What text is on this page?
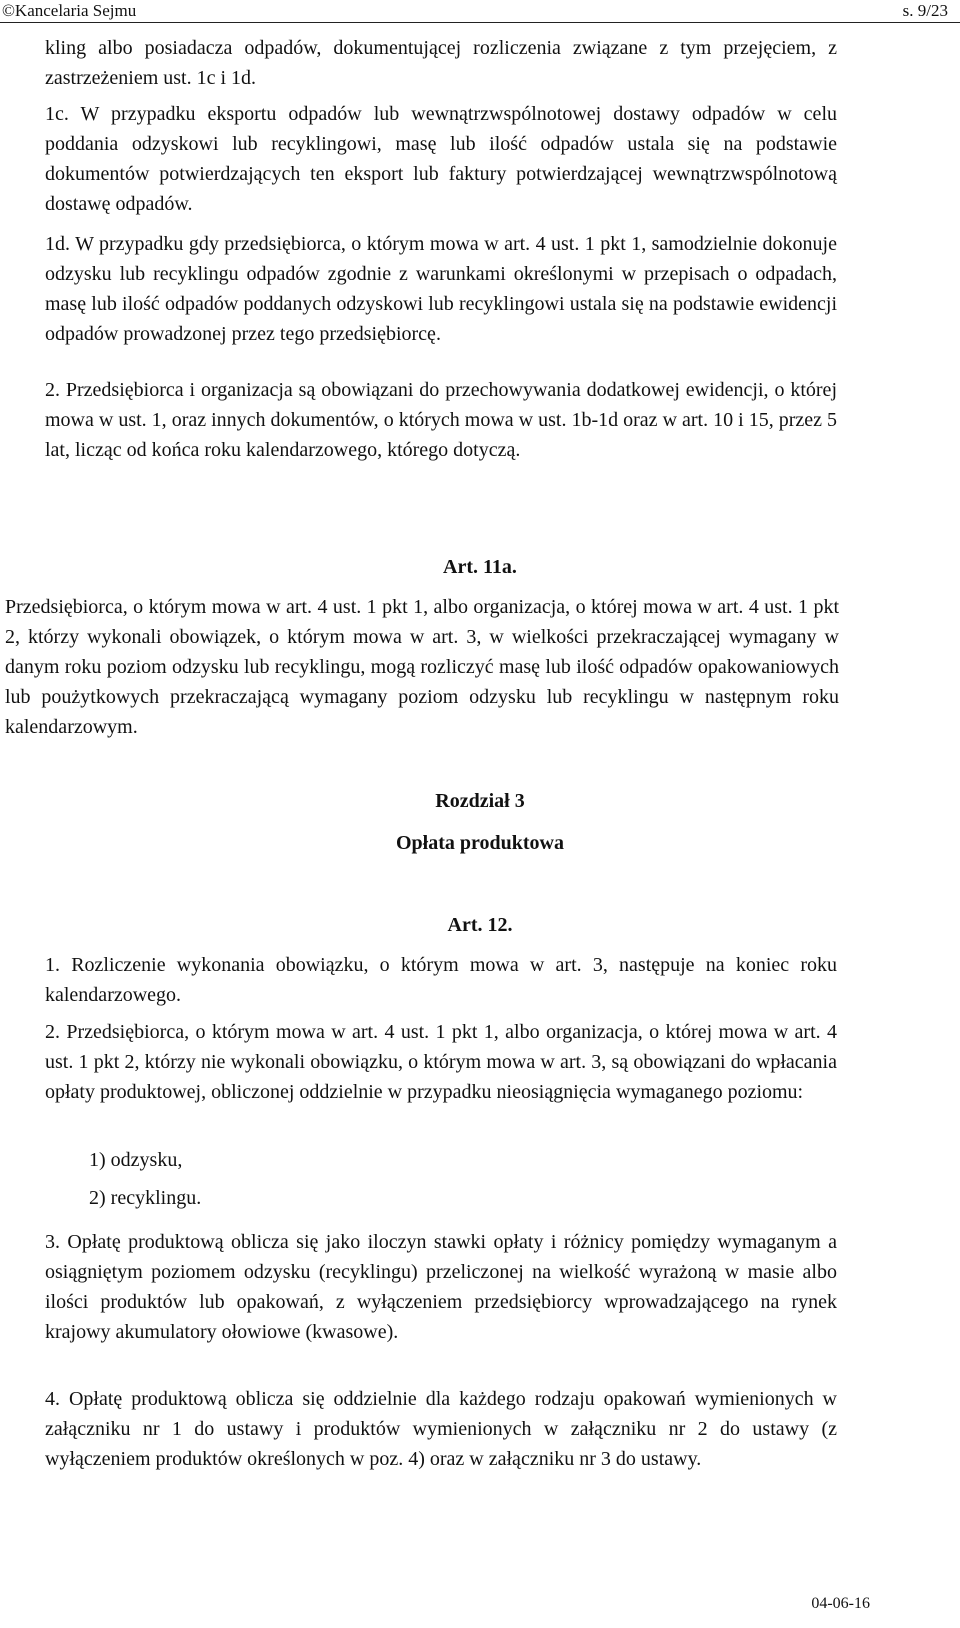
©Kancelaria Sejmu	s. 9/23
kling albo posiadacza odpadów, dokumentującej rozliczenia związane z tym przejęciem, z zastrzeżeniem ust. 1c i 1d.
1c. W przypadku eksportu odpadów lub wewnątrzwspólnotowej dostawy odpadów w celu poddania odzyskowi lub recyklingowi, masę lub ilość odpadów ustala się na podstawie dokumentów potwierdzających ten eksport lub faktury potwierdzającej wewnątrzwspólnotową dostawę odpadów.
1d. W przypadku gdy przedsiębiorca, o którym mowa w art. 4 ust. 1 pkt 1, samodzielnie dokonuje odzysku lub recyklingu odpadów zgodnie z warunkami określonymi w przepisach o odpadach, masę lub ilość odpadów poddanych odzyskowi lub recyklingowi ustala się na podstawie ewidencji odpadów prowadzonej przez tego przedsiębiorcę.
2. Przedsiębiorca i organizacja są obowiązani do przechowywania dodatkowej ewidencji, o której mowa w ust. 1, oraz innych dokumentów, o których mowa w ust. 1b-1d oraz w art. 10 i 15, przez 5 lat, licząc od końca roku kalendarzowego, którego dotyczą.
Art. 11a.
Przedsiębiorca, o którym mowa w art. 4 ust. 1 pkt 1, albo organizacja, o której mowa w art. 4 ust. 1 pkt 2, którzy wykonali obowiązek, o którym mowa w art. 3, w wielkości przekraczającej wymagany w danym roku poziom odzysku lub recyklingu, mogą rozliczyć masę lub ilość odpadów opakowaniowych lub poużytkowych przekraczającą wymagany poziom odzysku lub recyklingu w następnym roku kalendarzowym.
Rozdział 3
Opłata produktowa
Art. 12.
1. Rozliczenie wykonania obowiązku, o którym mowa w art. 3, następuje na koniec roku kalendarzowego.
2. Przedsiębiorca, o którym mowa w art. 4 ust. 1 pkt 1, albo organizacja, o której mowa w art. 4 ust. 1 pkt 2, którzy nie wykonali obowiązku, o którym mowa w art. 3, są obowiązani do wpłacania opłaty produktowej, obliczonej oddzielnie w przypadku nieosiągnięcia wymaganego poziomu:
1) odzysku,
2) recyklingu.
3. Opłatę produktową oblicza się jako iloczyn stawki opłaty i różnicy pomiędzy wymaganym a osiągniętym poziomem odzysku (recyklingu) przeliczonej na wielkość wyrażoną w masie albo ilości produktów lub opakowań, z wyłączeniem przedsiębiorcy wprowadzającego na rynek krajowy akumulatory ołowiowe (kwasowe).
4. Opłatę produktową oblicza się oddzielnie dla każdego rodzaju opakowań wymienionych w załączniku nr 1 do ustawy i produktów wymienionych w załączniku nr 2 do ustawy (z wyłączeniem produktów określonych w poz. 4) oraz w załączniku nr 3 do ustawy.
04-06-16
